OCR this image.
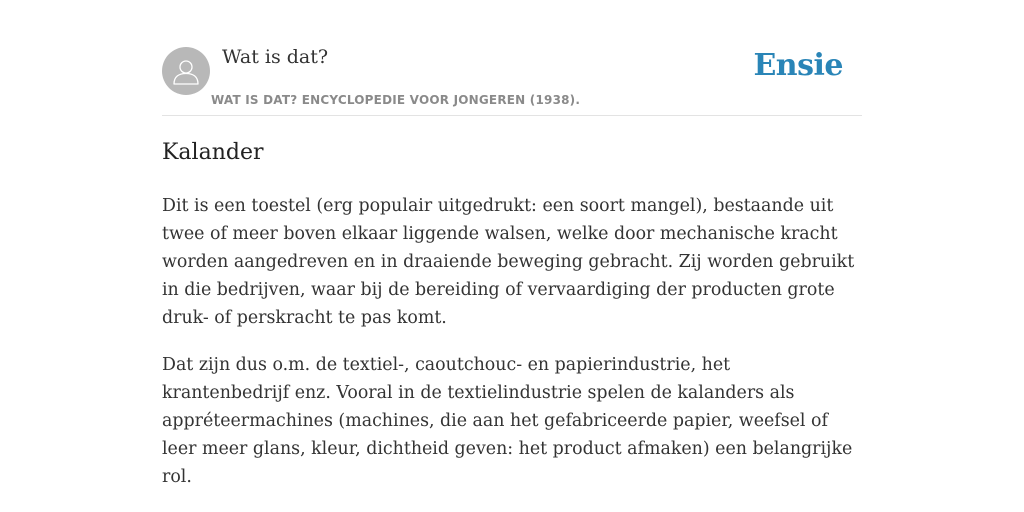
Wat is dat?
WAT IS DAT? ENCYCLOPEDIE VOOR JONGEREN (1938).
Ensie
Kalander

Dit is een toestel (erg populair uitgedrukt: een soort mangel), bestaande uit twee of meer boven elkaar liggende walsen, welke door mechanische kracht worden aangedreven en in draaiende beweging gebracht. Zij worden gebruikt in die bedrijven, waar bij de bereiding of vervaardiging der producten grote druk- of perskracht te pas komt.

Dat zijn dus o.m. de textiel-, caoutchouc- en papierindustrie, het krantenbedrijf enz. Vooral in de textielindustrie spelen de kalanders als appréteermachines (machines, die aan het gefabriceerde papier, weefsel of leer meer glans, kleur, dichtheid geven: het product afmaken) een belangrijke rol.
